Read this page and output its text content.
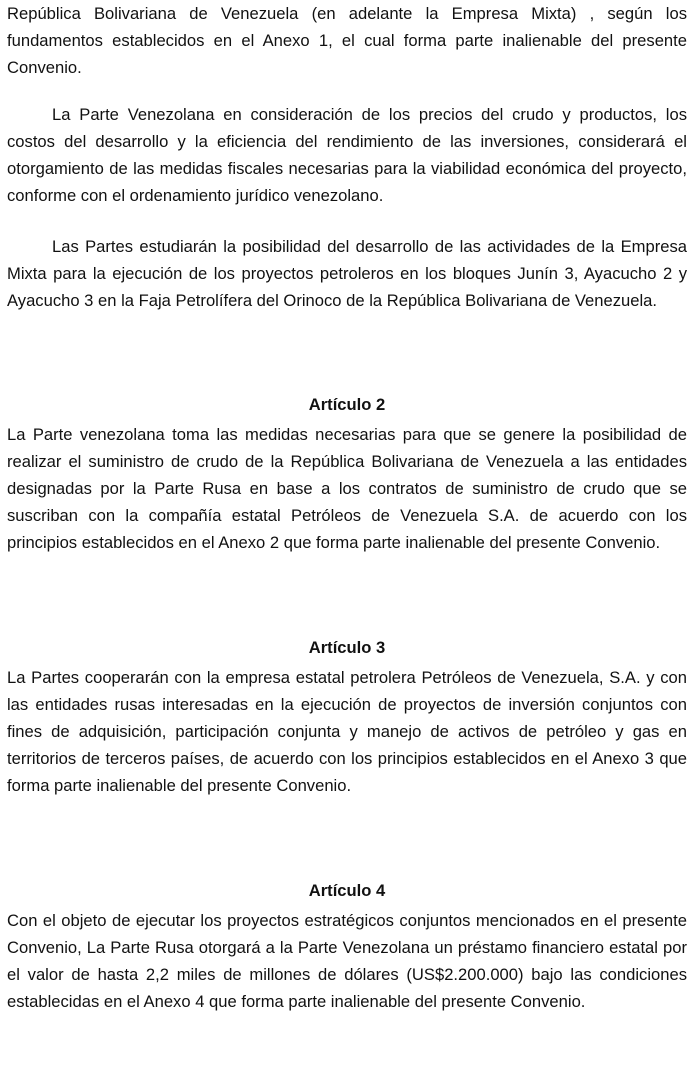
República Bolivariana de Venezuela (en adelante la Empresa Mixta) , según los fundamentos establecidos en el Anexo 1, el cual forma parte inalienable del presente Convenio.

La Parte Venezolana en consideración de los precios del crudo y productos, los costos del desarrollo y la eficiencia del rendimiento de las inversiones, considerará el otorgamiento de las medidas fiscales necesarias para la viabilidad económica del proyecto, conforme con el ordenamiento jurídico venezolano.

Las Partes estudiarán la posibilidad del desarrollo de las actividades de la Empresa Mixta para la ejecución de los proyectos petroleros en los bloques Junín 3, Ayacucho 2 y Ayacucho 3 en la Faja Petrolífera del Orinoco de la República Bolivariana de Venezuela.

Artículo 2

La Parte venezolana toma las medidas necesarias para que se genere la posibilidad de realizar el suministro de crudo de la República Bolivariana de Venezuela a las entidades designadas por la Parte Rusa en base a los contratos de suministro de crudo que se suscriban con la compañía estatal Petróleos de Venezuela S.A. de acuerdo con los principios establecidos en el Anexo 2 que forma parte inalienable del presente Convenio.

Artículo 3

La Partes cooperarán con la empresa estatal petrolera Petróleos de Venezuela, S.A. y con las entidades rusas interesadas en la ejecución de proyectos de inversión conjuntos con fines de adquisición, participación conjunta y manejo de activos de petróleo y gas en territorios de terceros países, de acuerdo con los principios establecidos en el Anexo 3 que forma parte inalienable del presente Convenio.

Artículo 4

Con el objeto de ejecutar los proyectos estratégicos conjuntos mencionados en el presente Convenio, La Parte Rusa otorgará a la Parte Venezolana un préstamo financiero estatal por el valor de hasta 2,2 miles de millones de dólares (US$2.200.000) bajo las condiciones establecidas en el Anexo 4 que forma parte inalienable del presente Convenio.
